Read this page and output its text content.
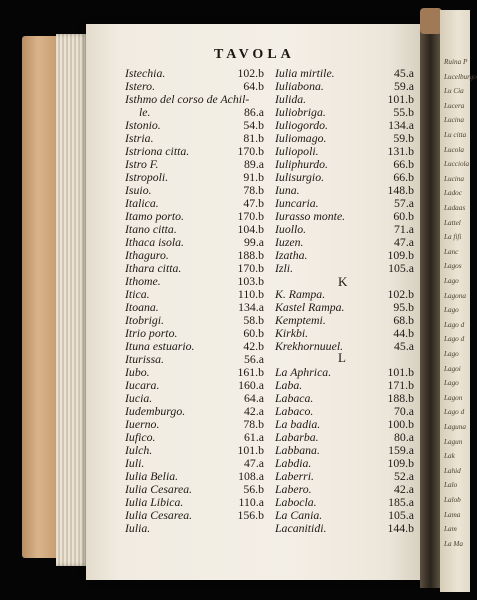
Ruina P
Lucelburgo
Lu Cia
Lucera
Lucina
Lu citta
Lucola
Lucciola
Lucina
Ladoc
Ladaas
Lattel
La fifi
Lanc
Lagos
Lago
Lagona
Lago
Lago d
Lago d
Lago
Lagoi
Lago
Lagon
Lago d
Laguna
Lagun
Lak
Lahid
Lalo
Lalob
Lama
Lam
La Ma
TAVOLA
Istechia.	102.b
Istero.	64.b
Isthmo del corso de Achil-
le.	86.a
Istonio.	54.b
Istria.	81.b
Istriona citta.	170.b
Istro F.	89.a
Istropoli.	91.b
Isuio.	78.b
Italica.	47.b
Itamo porto.	170.b
Itano citta.	104.b
Ithaca isola.	99.a
Ithaguro.	188.b
Ithara citta.	170.b
Ithome.	103.b
Itica.	110.b
Itoana.	134.a
Itobrigi.	58.b
Itrio porto.	60.b
Ituna estuario.	42.b
Iturissa.	56.a
Iubo.	161.b
Iucara.	160.a
Iucia.	64.a
Iudemburgo.	42.a
Iuerno.	78.b
Iufico.	61.a
Iulch.	101.b
Iuli.	47.a
Iulia Belia.	108.a
Iulia Cesarea.	56.b
Iulia Libica.	110.a
Iulia Cesarea.	156.b
Iulia.
Iulia mirtile.	45.a
Iuliabona.	59.a
Iulida.	101.b
Iuliobriga.	55.b
Iuliogordo.	134.a
Iuliomago.	59.b
Iuliopoli.	131.b
Iuliphurdo.	66.b
Iulisurgio.	66.b
Iuna.	148.b
Iuncaria.	57.a
Iurasso monte.	60.b
Iuollo.	71.a
Iuzen.	47.a
Izatha.	109.b
Izli.	105.a
K
K. Rampa.	102.b
Kastel Rampa.	95.b
Kemptemi.	68.b
Kirkbi.	44.b
Krekhornuuel.	45.a
L
La Aphrica.	101.b
Laba.	171.b
Labaca.	188.b
Labaco.	70.a
La badia.	100.b
Labarba.	80.a
Labbana.	159.a
Labdia.	109.b
Laberri.	52.a
Labero.	42.a
Labocla.	185.a
La Cania.	105.a
Lacanitidi.	144.b
